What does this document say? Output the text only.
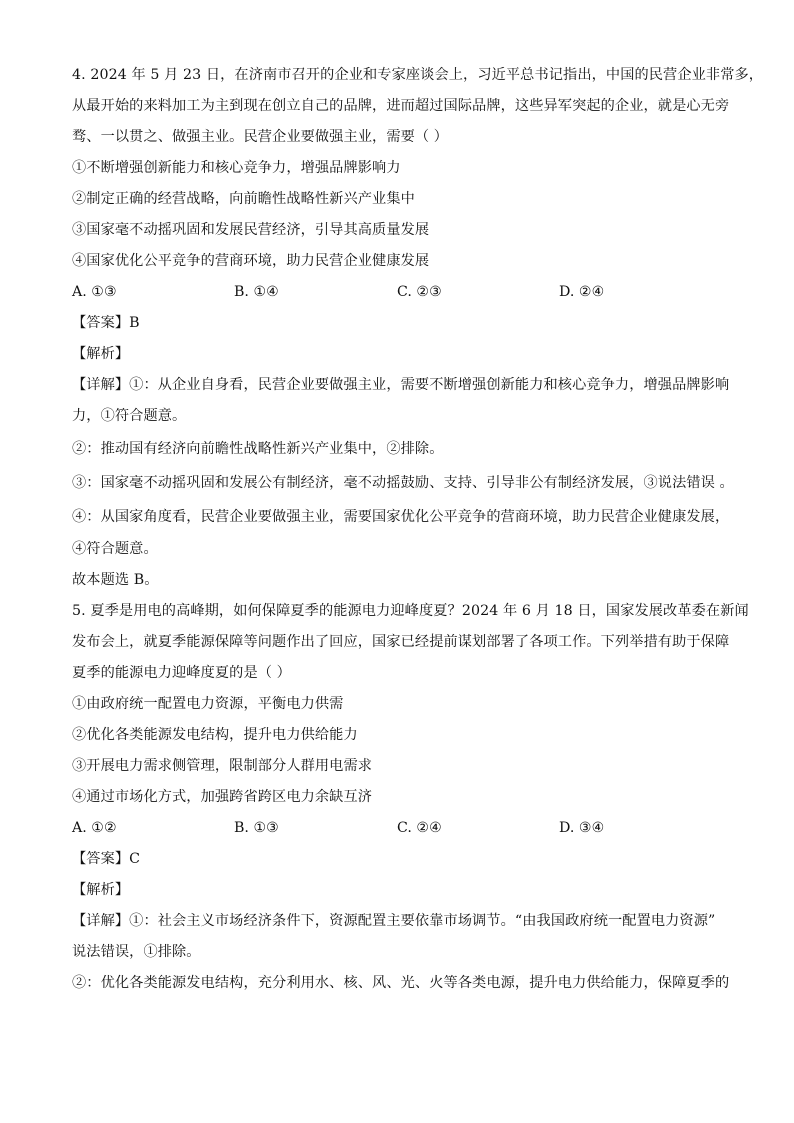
4. 2024 年 5 月 23 日，在济南市召开的企业和专家座谈会上，习近平总书记指出，中国的民营企业非常多，
从最开始的来料加工为主到现在创立自己的品牌，进而超过国际品牌，这些异军突起的企业，就是心无旁
骛、一以贯之、做强主业。民营企业要做强主业，需要（ ）
①不断增强创新能力和核心竞争力，增强品牌影响力
②制定正确的经营战略，向前瞻性战略性新兴产业集中
③国家毫不动摇巩固和发展民营经济，引导其高质量发展
④国家优化公平竞争的营商环境，助力民营企业健康发展
A. ①③	B. ①④	C. ②③	D. ②④
【答案】B
【解析】
【详解】①：从企业自身看，民营企业要做强主业，需要不断增强创新能力和核心竞争力，增强品牌影响
力，①符合题意。
②：推动国有经济向前瞻性战略性新兴产业集中，②排除。
③：国家毫不动摇巩固和发展公有制经济，毫不动摇鼓励、支持、引导非公有制经济发展，③说法错误 。
④：从国家角度看，民营企业要做强主业，需要国家优化公平竞争的营商环境，助力民营企业健康发展，
④符合题意。
故本题选 B。
5. 夏季是用电的高峰期，如何保障夏季的能源电力迎峰度夏？2024 年 6 月 18 日，国家发展改革委在新闻
发布会上，就夏季能源保障等问题作出了回应，国家已经提前谋划部署了各项工作。下列举措有助于保障
夏季的能源电力迎峰度夏的是（ ）
①由政府统一配置电力资源，平衡电力供需
②优化各类能源发电结构，提升电力供给能力
③开展电力需求侧管理，限制部分人群用电需求
④通过市场化方式，加强跨省跨区电力余缺互济
A. ①②	B. ①③	C. ②④	D. ③④
【答案】C
【解析】
【详解】①：社会主义市场经济条件下，资源配置主要依靠市场调节。“由我国政府统一配置电力资源”
说法错误，①排除。
②：优化各类能源发电结构，充分利用水、核、风、光、火等各类电源，提升电力供给能力，保障夏季的
